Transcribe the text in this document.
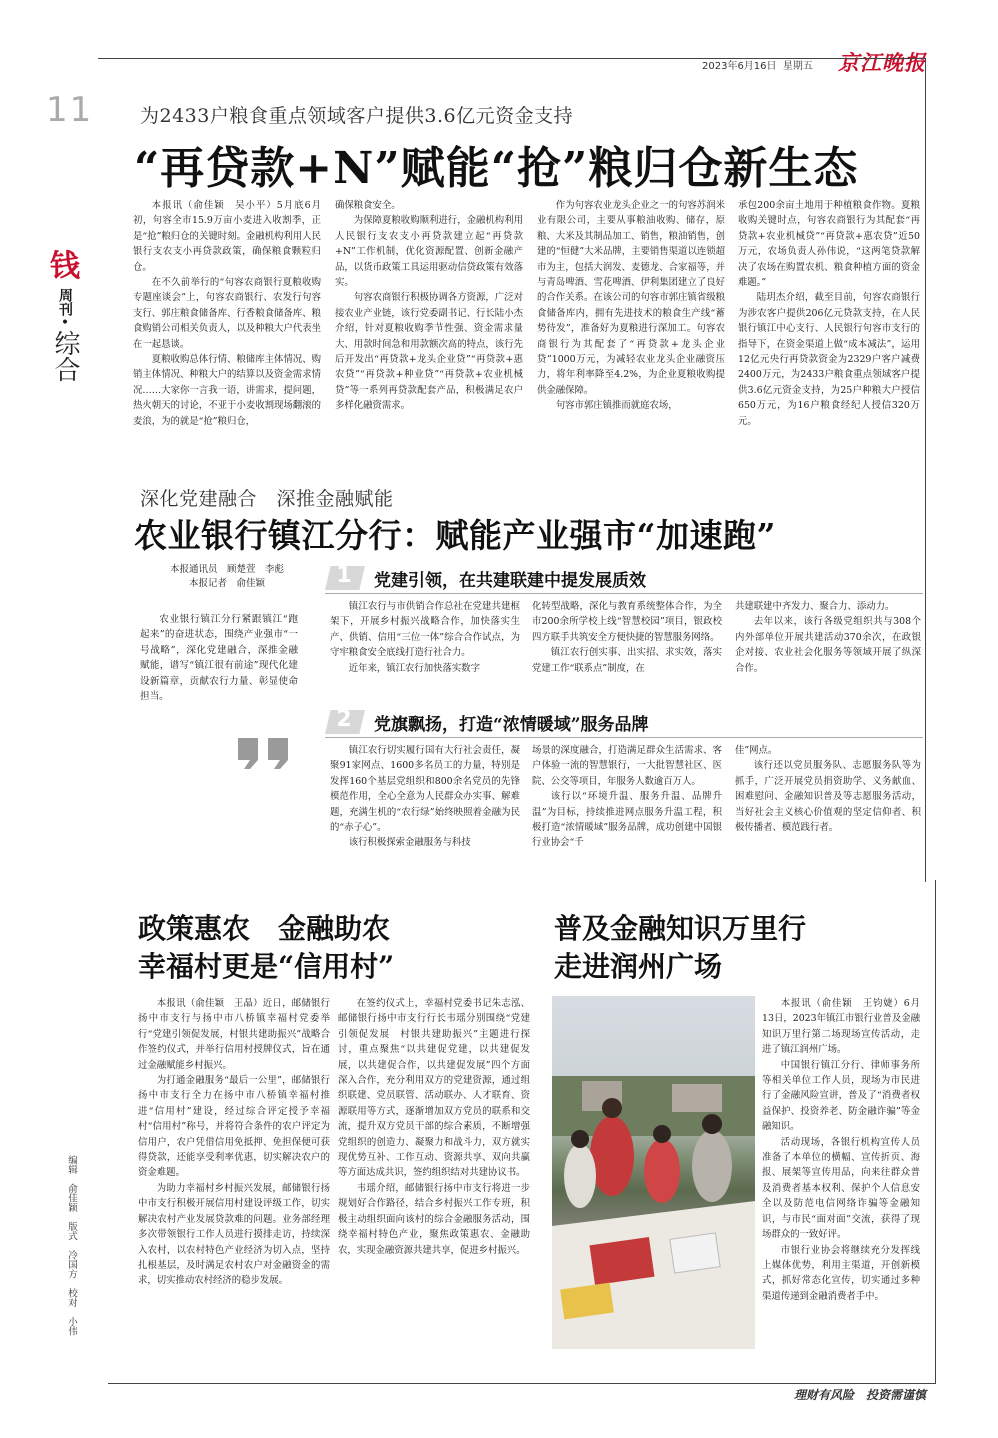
2023年6月16日 星期五 京江晚报
11
钱
周刊
•
综合
编辑　俞佳颖　版式　冷国方　校对　小伟
为2433户粮食重点领域客户提供3.6亿元资金支持
“再贷款+N”赋能“抢”粮归仓新生态

本报讯（俞佳颖　吴小平）5月底6月初，句容全市15.9万亩小麦进入收割季，正是“抢”粮归仓的关键时刻。金融机构利用人民银行支农支小再贷款政策，确保粮食颗粒归仓。

在不久前举行的“句容农商银行夏粮收购专题座谈会”上，句容农商银行、农发行句容支行、郭庄粮食储备库、行香粮食储备库、粮食购销公司相关负责人，以及种粮大户代表坐在一起恳谈。

夏粮收购总体行情、粮储库主体情况、购销主体情况、种粮大户的结算以及资金需求情况……大家你一言我一语，讲需求，提问题，热火朝天的讨论，不亚于小麦收割现场翻滚的麦浪，为的就是“抢”粮归仓，

确保粮食安全。

为保障夏粮收购顺利进行，金融机构利用人民银行支农支小再贷款建立起“再贷款+N”工作机制，优化资源配置、创新金融产品，以货币政策工具运用驱动信贷政策有效落实。

句容农商银行积极协调各方资源，广泛对接农业产业链，该行党委副书记、行长陆小杰介绍，针对夏粮收购季节性强、资金需求量大、用款时间急和用款额次高的特点，该行先后开发出“再贷款+龙头企业贷”“再贷款+惠农贷”“再贷款+种业贷”“再贷款+农业机械贷”等一系列再贷款配套产品，积极满足农户多样化融资需求。

作为句容农业龙头企业之一的句容苏润米业有限公司，主要从事粮油收购、储存，原粮、大米及其制品加工、销售，粮油销售，创建的“恒健”大米品牌，主要销售渠道以连锁超市为主，包括大润发、麦德龙、合家福等，并与青岛啤酒、雪花啤酒、伊利集团建立了良好的合作关系。在该公司的句容市郭庄镇省级粮食储备库内，拥有先进技术的粮食生产线“蓄势待发”，准备好为夏粮进行深加工。句容农商银行为其配套了“再贷款+龙头企业贷”1000万元，为减轻农业龙头企业融资压力，将年利率降至4.2%，为企业夏粮收购提供金融保障。

句容市郭庄镇推而就庭农场，

承包200余亩土地用于种植粮食作物。夏粮收购关键时点，句容农商银行为其配套“再贷款+农业机械贷”“再贷款+惠农贷”近50万元，农场负责人孙伟说，“这两笔贷款解决了农场在购置农机、粮食种植方面的资金难题。”

陆玥杰介绍，截至目前，句容农商银行为涉农客户提供206亿元贷款支持，在人民银行镇江中心支行、人民银行句容市支行的指导下，在资金渠道上做“成本减法”，运用12亿元央行再贷款资金为2329户客户减费2400万元，为2433户粮食重点领域客户提供3.6亿元资金支持，为25户种粮大户授信650万元，为16户粮食经纪人授信320万元。

深化党建融合　深推金融赋能
农业银行镇江分行：赋能产业强市“加速跑”
本报通讯员　顾楚萱　李彪
本报记者　俞佳颖

农业银行镇江分行紧跟镇江“跑起来”的奋进状态，围绕产业强市“一号战略”，深化党建融合，深推金融赋能，谱写“镇江很有前途”现代化建设新篇章，贡献农行力量、彰显使命担当。

1	党建引领，在共建联建中提发展质效

镇江农行与市供销合作总社在党建共建框架下，开展乡村振兴战略合作，加快落实生产、供销、信用“三位一体”综合合作试点，为守牢粮食安全底线打造行社合力。

近年来，镇江农行加快落实数字

化转型战略，深化与教育系统整体合作，为全市200余所学校上线“智慧校园”项目，银政校四方联手共筑安全方便快捷的智慧服务网络。

镇江农行创实事、出实招、求实效，落实党建工作“联系点”制度，在

共建联建中齐发力、聚合力、添动力。

去年以来，该行各级党组织共与308个内外部单位开展共建活动370余次，在政银企对接、农业社会化服务等领域开展了纵深合作。

2	党旗飘扬，打造“浓情暖域”服务品牌

镇江农行切实履行国有大行社会责任，凝聚91家网点、1600多名员工的力量，特别是发挥160个基层党组织和800余名党员的先锋模范作用，全心全意为人民群众办实事、解难题，充满生机的“农行绿”始终映照着金融为民的“赤子心”。

该行积极探索金融服务与科技

场景的深度融合，打造满足群众生活需求、客户体验一流的智慧银行，一大批智慧社区、医院、公交等项目，年服务人数逾百万人。

该行以“环境升温、服务升温、品牌升温”为目标，持续推进网点服务升温工程，积极打造“浓情暖域”服务品牌，成功创建中国银行业协会“千

佳”网点。

该行还以党员服务队、志愿服务队等为抓手，广泛开展党员捐资助学、义务献血、困难慰问、金融知识普及等志愿服务活动，当好社会主义核心价值观的坚定信仰者、积极传播者、模范践行者。

政策惠农　金融助农
幸福村更是“信用村”

本报讯（俞佳颖　王晶）近日，邮储银行扬中市支行与扬中市八桥镇幸福村党委举行“党建引领促发展，村银共建助振兴”战略合作签约仪式，并举行信用村授牌仪式，旨在通过金融赋能乡村振兴。

为打通金融服务“最后一公里”，邮储银行扬中市支行全力在扬中市八桥镇幸福村推进“信用村”建设，经过综合评定授予幸福村“信用村”称号，并将符合条件的农户评定为信用户，农户凭借信用免抵押、免担保便可获得贷款，还能享受利率优惠，切实解决农户的资金难题。

为助力幸福村乡村振兴发展，邮储银行扬中市支行积极开展信用村建设评级工作，切实解决农村产业发展贷款难的问题。业务部经理多次带领银行工作人员进行摸排走访，持续深入农村，以农村特色产业经济为切入点，坚持扎根基层，及时满足农村农户对金融资金的需求，切实推动农村经济的稳步发展。

在签约仪式上，幸福村党委书记朱志泓、邮储银行扬中市支行行长韦瑶分别围绕“党建引领促发展　村银共建助振兴”主题进行探讨，重点聚焦“以共建促党建，以共建促发展，以共建促合作，以共建促发展”四个方面深入合作，充分利用双方的党建资源，通过组织联建、党员联管、活动联办、人才联育、资源联用等方式，逐渐增加双方党员的联系和交流，提升双方党员干部的综合素质，不断增强党组织的创造力、凝聚力和战斗力，双方就实现优势互补、工作互动、资源共享、双向共赢等方面达成共识，签约组织结对共建协议书。

韦瑶介绍，邮储银行扬中市支行将进一步规划好合作路径，结合乡村振兴工作专班，积极主动组织面向该村的综合金融服务活动，围绕幸福村特色产业，聚焦政策惠农、金融助农，实现金融资源共建共享，促进乡村振兴。

普及金融知识万里行
走进润州广场

本报讯（俞佳颖　王钧婕）6月13日，2023年镇江市银行业普及金融知识万里行第二场现场宣传活动，走进了镇江润州广场。

中国银行镇江分行、律师事务所等相关单位工作人员，现场为市民进行了金融风险宣讲，普及了“消费者权益保护、投资养老、防金融诈骗”等金融知识。

活动现场，各银行机构宣传人员准备了本单位的横幅、宣传折页、海报、展架等宣传用品，向来往群众普及消费者基本权利、保护个人信息安全以及防范电信网络诈骗等金融知识，与市民“面对面”交流，获得了现场群众的一致好评。

市银行业协会将继续充分发挥线上媒体优势，利用主渠道，开创新模式，抓好常态化宣传，切实通过多种渠道传递到金融消费者手中。

理财有风险　投资需谨慎
